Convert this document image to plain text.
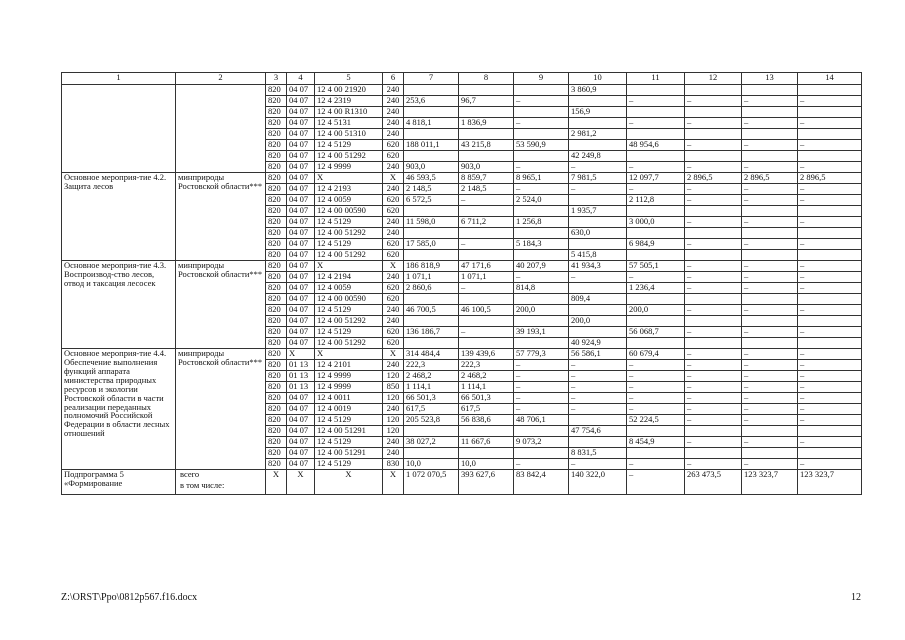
1	2	3	4	5	6	7	8	9	10	11	12	13	14
		820	04 07	12 4 00 21920	240				3 860,9				
		820	04 07	12 4 2319	240	253,6	96,7	–		–	–	–	–
		820	04 07	12 4 00 R1310	240				156,9				
		820	04 07	12 4 5131	240	4 818,1	1 836,9	–		–	–	–	–
		820	04 07	12 4 00 51310	240				2 981,2				
		820	04 07	12 4 5129	620	188 011,1	43 215,8	53 590,9		48 954,6	–	–	–
		820	04 07	12 4 00 51292	620				42 249,8				
		820	04 07	12 4 9999	240	903,0	903,0	–	–	–	–	–	–
Основное мероприя-тие 4.2. Защита лесов	минприроды Ростовской области***	820	04 07	X	X	46 593,5	8 859,7	8 965,1	7 981,5	12 097,7	2 896,5	2 896,5	2 896,5
		820	04 07	12 4 2193	240	2 148,5	2 148,5	–	–	–	–	–	–
		820	04 07	12 4 0059	620	6 572,5	–	2 524,0		2 112,8	–	–	–
		820	04 07	12 4 00 00590	620				1 935,7				
		820	04 07	12 4 5129	240	11 598,0	6 711,2	1 256,8		3 000,0	–	–	–
		820	04 07	12 4 00 51292	240				630,0				
		820	04 07	12 4 5129	620	17 585,0	–	5 184,3		6 984,9	–	–	–
		820	04 07	12 4 00 51292	620				5 415,8				
Основное мероприя-тие 4.3. Воспроизвод-ство лесов, отвод и таксация лесосек	минприроды Ростовской области***	820	04 07	X	X	186 818,9	47 171,6	40 207,9	41 934,3	57 505,1	–	–	–
		820	04 07	12 4 2194	240	1 071,1	1 071,1	–	–	–	–	–	–
		820	04 07	12 4 0059	620	2 860,6	–	814,8		1 236,4	–	–	–
		820	04 07	12 4 00 00590	620				809,4				
		820	04 07	12 4 5129	240	46 700,5	46 100,5	200,0		200,0	–	–	–
		820	04 07	12 4 00 51292	240				200,0				
		820	04 07	12 4 5129	620	136 186,7	–	39 193,1		56 068,7	–	–	–
		820	04 07	12 4 00 51292	620				40 924,9				
Основное мероприя-тие 4.4. Обеспечение выполнения функций аппарата министерства природных ресурсов и экологии Ростовской области в части реализации переданных полномочий Российской Федерации в области лесных отношений	минприроды Ростовской области***	820	X	X	X	314 484,4	139 439,6	57 779,3	56 586,1	60 679,4	–	–	–
		820	01 13	12 4 2101	240	222,3	222,3	–	–	–	–	–	–
		820	01 13	12 4 9999	120	2 468,2	2 468,2	–	–	–	–	–	–
		820	01 13	12 4 9999	850	1 114,1	1 114,1	–	–	–	–	–	–
		820	04 07	12 4 0011	120	66 501,3	66 501,3	–	–	–	–	–	–
		820	04 07	12 4 0019	240	617,5	617,5	–	–	–	–	–	–
		820	04 07	12 4 5129	120	205 523,8	56 838,6	48 706,1		52 224,5	–	–	–
		820	04 07	12 4 00 51291	120				47 754,6				
		820	04 07	12 4 5129	240	38 027,2	11 667,6	9 073,2		8 454,9	–	–	–
		820	04 07	12 4 00 51291	240				8 831,5				
		820	04 07	12 4 5129	830	10,0	10,0	–	–	–	–	–	–
Подпрограмма 5 «Формирование	всего
в том числе:	X	X	X	X	1 072 070,5	393 627,6	83 842,4	140 322,0	–	263 473,5	123 323,7	123 323,7
Z:\ORST\Ppo\0812p567.f16.docx	12
